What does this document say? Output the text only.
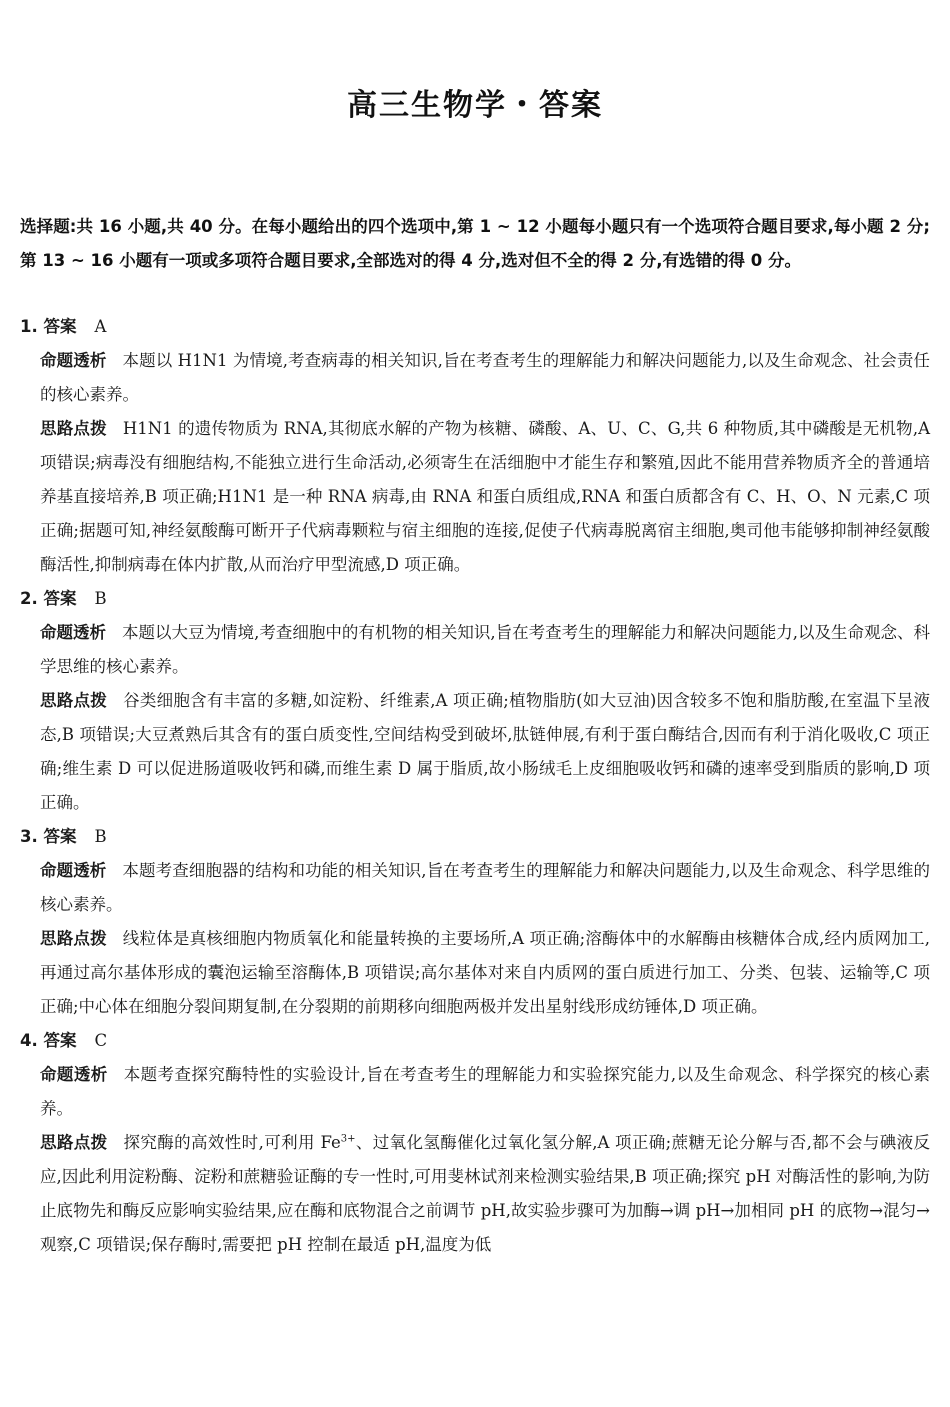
高三生物学・答案
选择题:共 16 小题,共 40 分。在每小题给出的四个选项中,第 1 ~ 12 小题每小题只有一个选项符合题目要求,每小题 2 分;第 13 ~ 16 小题有一项或多项符合题目要求,全部选对的得 4 分,选对但不全的得 2 分,有选错的得 0 分。

1. 答案 A

命题透析 本题以 H1N1 为情境,考查病毒的相关知识,旨在考查考生的理解能力和解决问题能力,以及生命观念、社会责任的核心素养。

思路点拨 H1N1 的遗传物质为 RNA,其彻底水解的产物为核糖、磷酸、A、U、C、G,共 6 种物质,其中磷酸是无机物,A 项错误;病毒没有细胞结构,不能独立进行生命活动,必须寄生在活细胞中才能生存和繁殖,因此不能用营养物质齐全的普通培养基直接培养,B 项正确;H1N1 是一种 RNA 病毒,由 RNA 和蛋白质组成,RNA 和蛋白质都含有 C、H、O、N 元素,C 项正确;据题可知,神经氨酸酶可断开子代病毒颗粒与宿主细胞的连接,促使子代病毒脱离宿主细胞,奥司他韦能够抑制神经氨酸酶活性,抑制病毒在体内扩散,从而治疗甲型流感,D 项正确。

2. 答案 B

命题透析 本题以大豆为情境,考查细胞中的有机物的相关知识,旨在考查考生的理解能力和解决问题能力,以及生命观念、科学思维的核心素养。

思路点拨 谷类细胞含有丰富的多糖,如淀粉、纤维素,A 项正确;植物脂肪(如大豆油)因含较多不饱和脂肪酸,在室温下呈液态,B 项错误;大豆煮熟后其含有的蛋白质变性,空间结构受到破坏,肽链伸展,有利于蛋白酶结合,因而有利于消化吸收,C 项正确;维生素 D 可以促进肠道吸收钙和磷,而维生素 D 属于脂质,故小肠绒毛上皮细胞吸收钙和磷的速率受到脂质的影响,D 项正确。

3. 答案 B

命题透析 本题考查细胞器的结构和功能的相关知识,旨在考查考生的理解能力和解决问题能力,以及生命观念、科学思维的核心素养。

思路点拨 线粒体是真核细胞内物质氧化和能量转换的主要场所,A 项正确;溶酶体中的水解酶由核糖体合成,经内质网加工,再通过高尔基体形成的囊泡运输至溶酶体,B 项错误;高尔基体对来自内质网的蛋白质进行加工、分类、包装、运输等,C 项正确;中心体在细胞分裂间期复制,在分裂期的前期移向细胞两极并发出星射线形成纺锤体,D 项正确。

4. 答案 C

命题透析 本题考查探究酶特性的实验设计,旨在考查考生的理解能力和实验探究能力,以及生命观念、科学探究的核心素养。

思路点拨 探究酶的高效性时,可利用 $Fe^{3+}$、过氧化氢酶催化过氧化氢分解,A 项正确;蔗糖无论分解与否,都不会与碘液反应,因此利用淀粉酶、淀粉和蔗糖验证酶的专一性时,可用斐林试剂来检测实验结果,B 项正确;探究 pH 对酶活性的影响,为防止底物先和酶反应影响实验结果,应在酶和底物混合之前调节 pH,故实验步骤可为加酶→调 pH→加相同 pH 的底物→混匀→观察,C 项错误;保存酶时,需要把 pH 控制在最适 pH,温度为低
